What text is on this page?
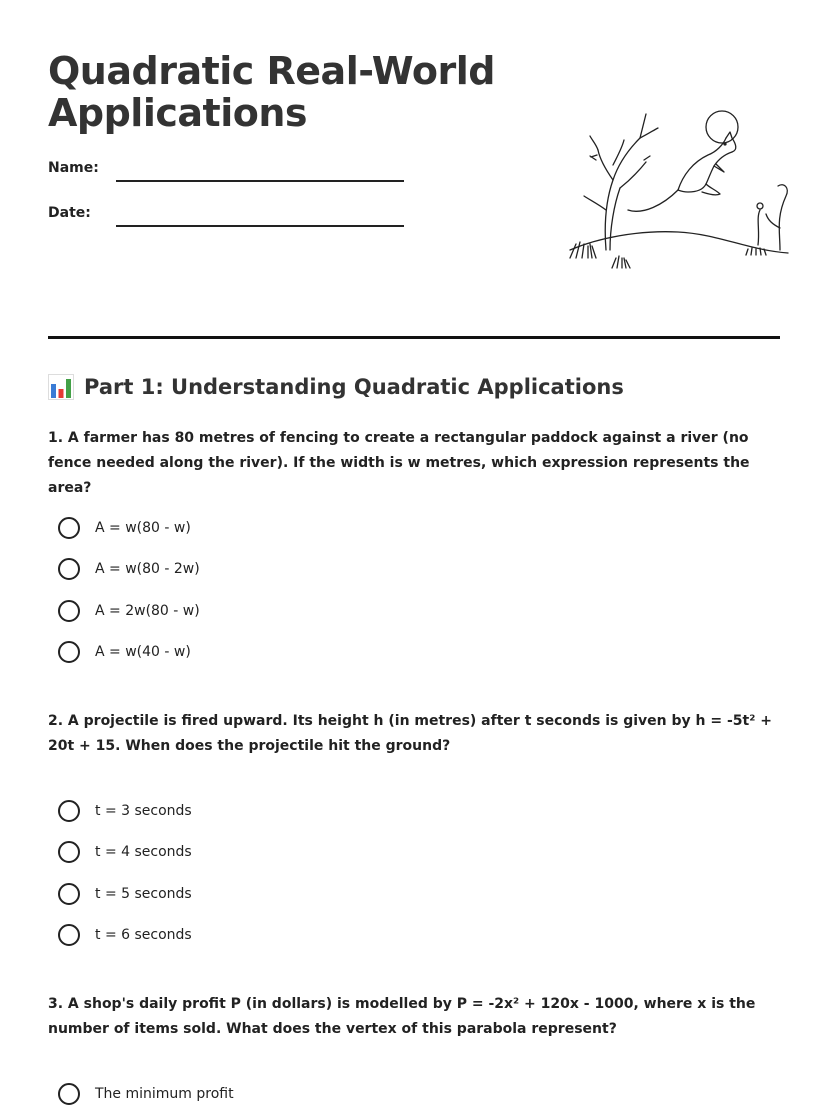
Quadratic Real-World Applications
Name:
Date:
Part 1: Understanding Quadratic Applications

1. A farmer has 80 metres of fencing to create a rectangular paddock against a river (no fence needed along the river). If the width is w metres, which expression represents the area?

A = w(80 - w)
A = w(80 - 2w)
A = 2w(80 - w)
A = w(40 - w)

2. A projectile is fired upward. Its height h (in metres) after t seconds is given by h = -5t² + 20t + 15. When does the projectile hit the ground?

t = 3 seconds
t = 4 seconds
t = 5 seconds
t = 6 seconds

3. A shop's daily profit P (in dollars) is modelled by P = -2x² + 120x - 1000, where x is the number of items sold. What does the vertex of this parabola represent?

The minimum profit
